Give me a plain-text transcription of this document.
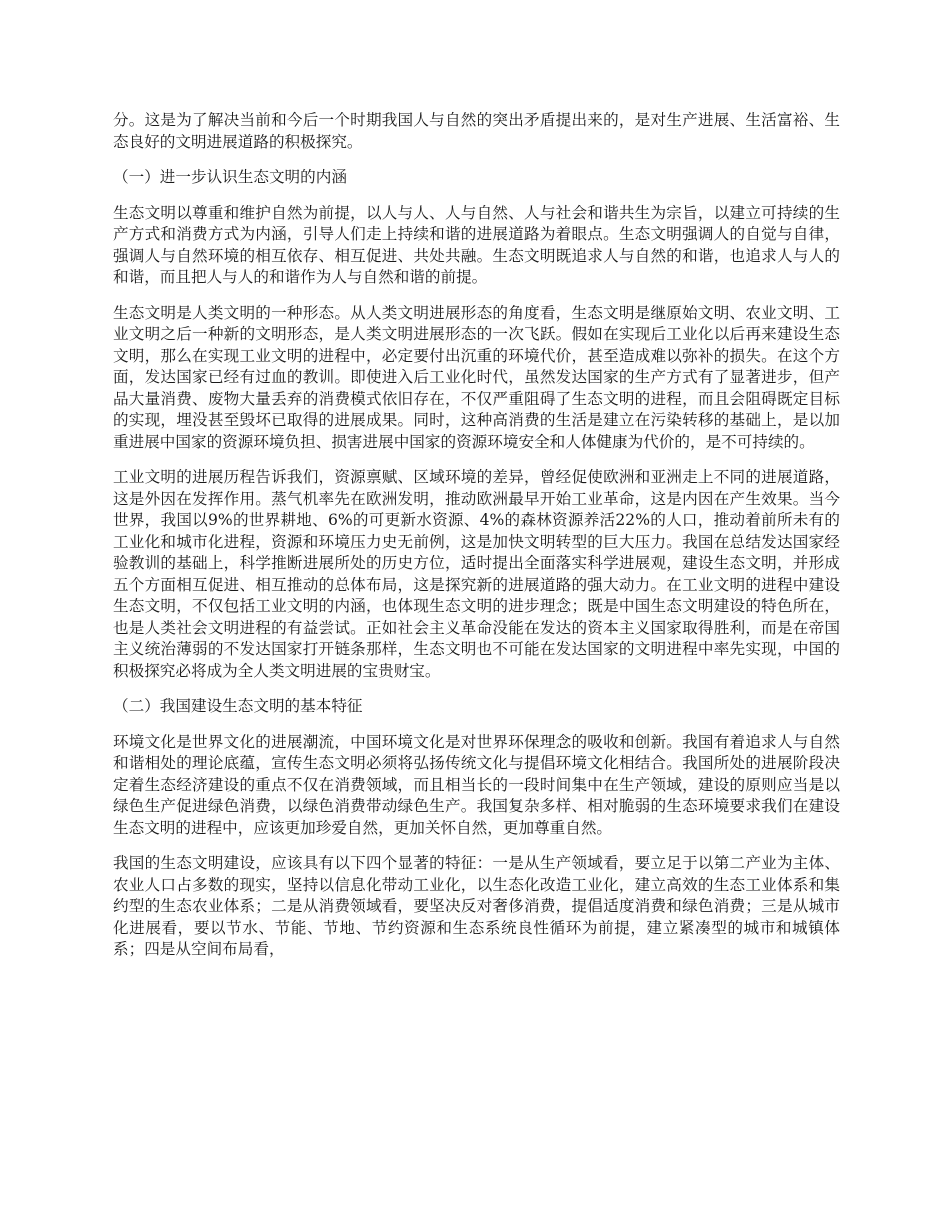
分。这是为了解决当前和今后一个时期我国人与自然的突出矛盾提出来的，是对生产进展、生活富裕、生态良好的文明进展道路的积极探究。

（一）进一步认识生态文明的内涵

生态文明以尊重和维护自然为前提，以人与人、人与自然、人与社会和谐共生为宗旨，以建立可持续的生产方式和消费方式为内涵，引导人们走上持续和谐的进展道路为着眼点。生态文明强调人的自觉与自律，强调人与自然环境的相互依存、相互促进、共处共融。生态文明既追求人与自然的和谐，也追求人与人的和谐，而且把人与人的和谐作为人与自然和谐的前提。

生态文明是人类文明的一种形态。从人类文明进展形态的角度看，生态文明是继原始文明、农业文明、工业文明之后一种新的文明形态，是人类文明进展形态的一次飞跃。假如在实现后工业化以后再来建设生态文明，那么在实现工业文明的进程中，必定要付出沉重的环境代价，甚至造成难以弥补的损失。在这个方面，发达国家已经有过血的教训。即使进入后工业化时代，虽然发达国家的生产方式有了显著进步，但产品大量消费、废物大量丢弃的消费模式依旧存在，不仅严重阻碍了生态文明的进程，而且会阻碍既定目标的实现，埋没甚至毁坏已取得的进展成果。同时，这种高消费的生活是建立在污染转移的基础上，是以加重进展中国家的资源环境负担、损害进展中国家的资源环境安全和人体健康为代价的，是不可持续的。

工业文明的进展历程告诉我们，资源禀赋、区域环境的差异，曾经促使欧洲和亚洲走上不同的进展道路，这是外因在发挥作用。蒸气机率先在欧洲发明，推动欧洲最早开始工业革命，这是内因在产生效果。当今世界，我国以9%的世界耕地、6%的可更新水资源、4%的森林资源养活22%的人口，推动着前所未有的工业化和城市化进程，资源和环境压力史无前例，这是加快文明转型的巨大压力。我国在总结发达国家经验教训的基础上，科学推断进展所处的历史方位，适时提出全面落实科学进展观，建设生态文明，并形成五个方面相互促进、相互推动的总体布局，这是探究新的进展道路的强大动力。在工业文明的进程中建设生态文明，不仅包括工业文明的内涵，也体现生态文明的进步理念；既是中国生态文明建设的特色所在，也是人类社会文明进程的有益尝试。正如社会主义革命没能在发达的资本主义国家取得胜利，而是在帝国主义统治薄弱的不发达国家打开链条那样，生态文明也不可能在发达国家的文明进程中率先实现，中国的积极探究必将成为全人类文明进展的宝贵财宝。

（二）我国建设生态文明的基本特征

环境文化是世界文化的进展潮流，中国环境文化是对世界环保理念的吸收和创新。我国有着追求人与自然和谐相处的理论底蕴，宣传生态文明必须将弘扬传统文化与提倡环境文化相结合。我国所处的进展阶段决定着生态经济建设的重点不仅在消费领域，而且相当长的一段时间集中在生产领域，建设的原则应当是以绿色生产促进绿色消费，以绿色消费带动绿色生产。我国复杂多样、相对脆弱的生态环境要求我们在建设生态文明的进程中，应该更加珍爱自然，更加关怀自然，更加尊重自然。

我国的生态文明建设，应该具有以下四个显著的特征：一是从生产领域看，要立足于以第二产业为主体、农业人口占多数的现实，坚持以信息化带动工业化，以生态化改造工业化，建立高效的生态工业体系和集约型的生态农业体系；二是从消费领域看，要坚决反对奢侈消费，提倡适度消费和绿色消费；三是从城市化进展看，要以节水、节能、节地、节约资源和生态系统良性循环为前提，建立紧凑型的城市和城镇体系；四是从空间布局看，
